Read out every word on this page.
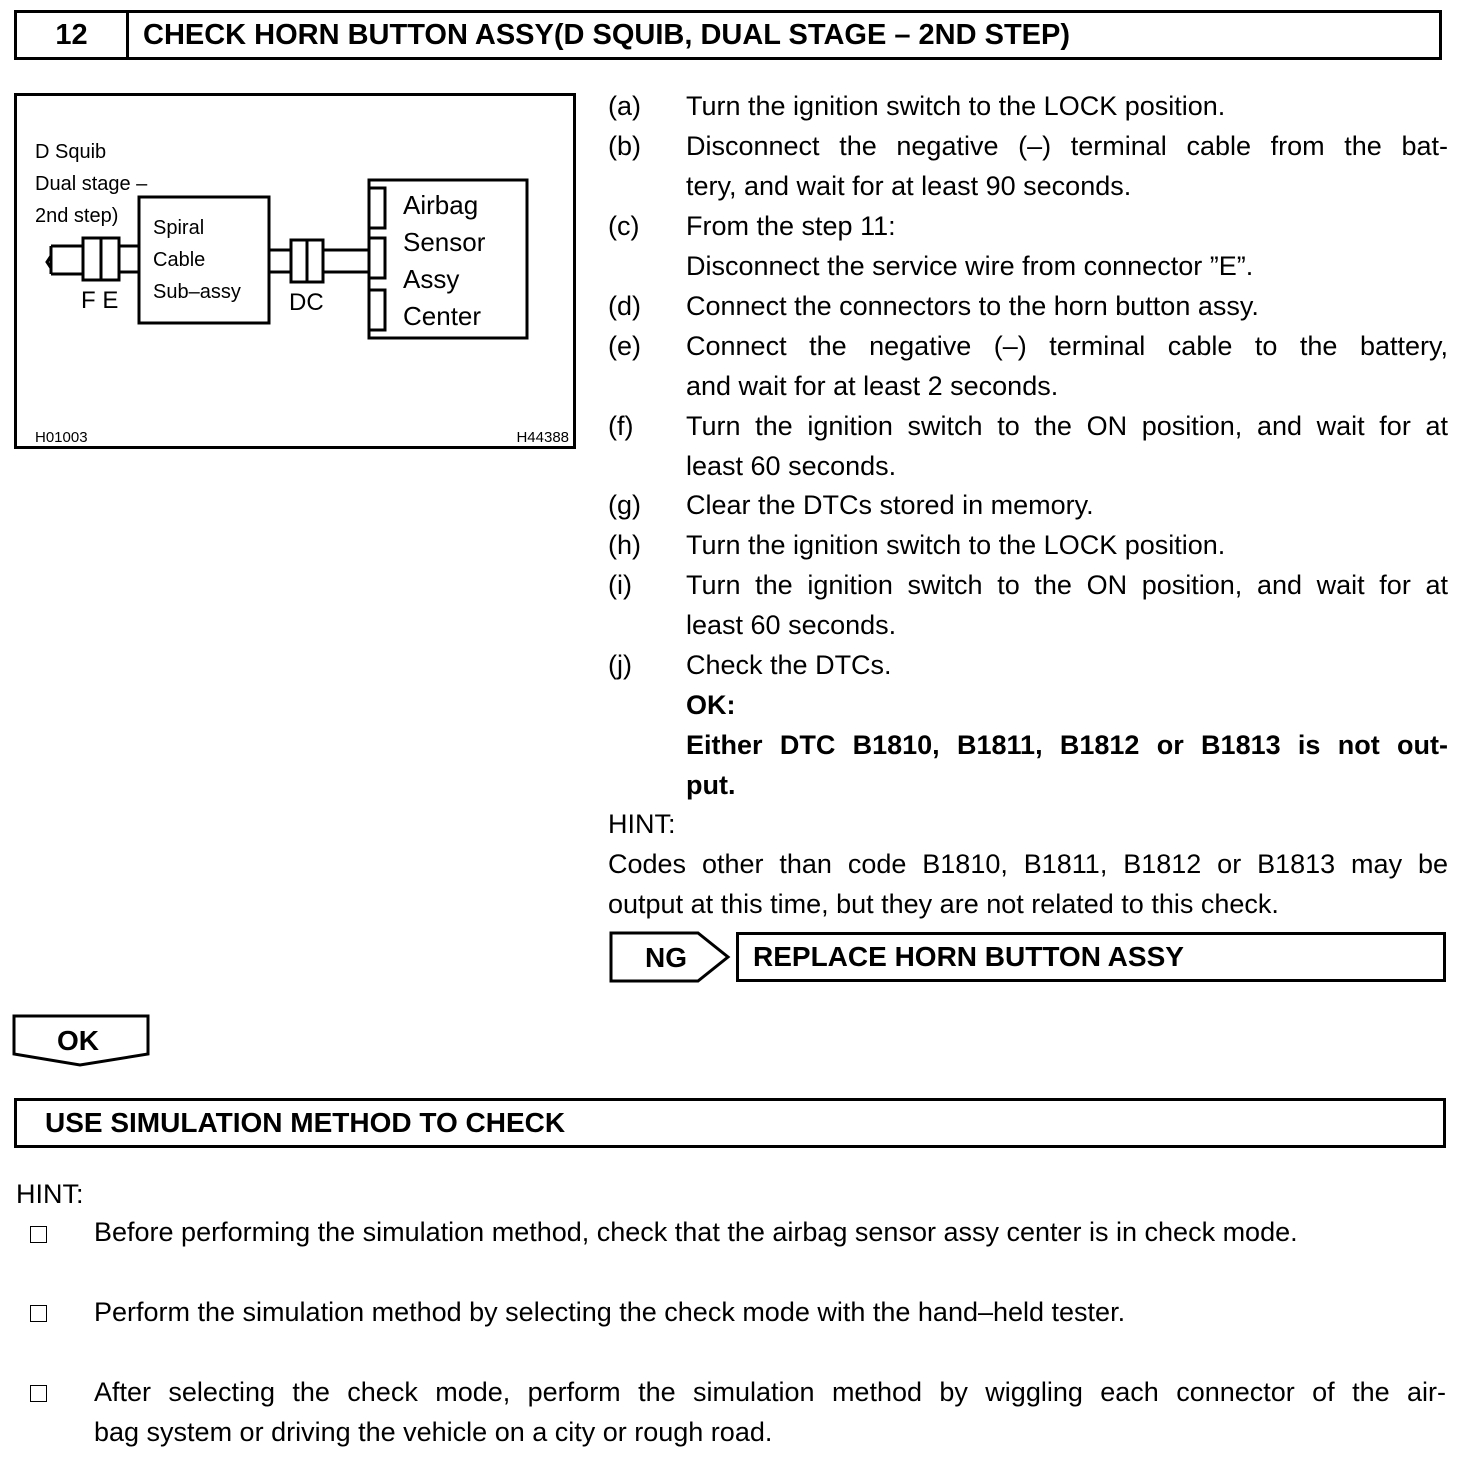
12	CHECK HORN BUTTON ASSY(D SQUIB, DUAL STAGE – 2ND STEP)
D Squib
Dual stage –
2nd step)
Spiral
Cable
Sub–assy
F E	DC
Airbag
Sensor
Assy
Center
H01003	H44388
(a) Turn the ignition switch to the LOCK position.
(b) Disconnect the negative (–) terminal cable from the bat-
tery, and wait for at least 90 seconds.
(c) From the step 11:
Disconnect the service wire from connector ”E”.
(d) Connect the connectors to the horn button assy.
(e) Connect the negative (–) terminal cable to the battery,
and wait for at least 2 seconds.
(f) Turn the ignition switch to the ON position, and wait for at
least 60 seconds.
(g) Clear the DTCs stored in memory.
(h) Turn the ignition switch to the LOCK position.
(i) Turn the ignition switch to the ON position, and wait for at
least 60 seconds.
(j) Check the DTCs.
OK:
Either DTC B1810, B1811, B1812 or B1813 is not out-
put.
HINT:
Codes other than code B1810, B1811, B1812 or B1813 may be
output at this time, but they are not related to this check.
NG	REPLACE HORN BUTTON ASSY
OK
USE SIMULATION METHOD TO CHECK
HINT:
Before performing the simulation method, check that the airbag sensor assy center is in check mode.
Perform the simulation method by selecting the check mode with the hand–held tester.
After selecting the check mode, perform the simulation method by wiggling each connector of the air-
bag system or driving the vehicle on a city or rough road.
